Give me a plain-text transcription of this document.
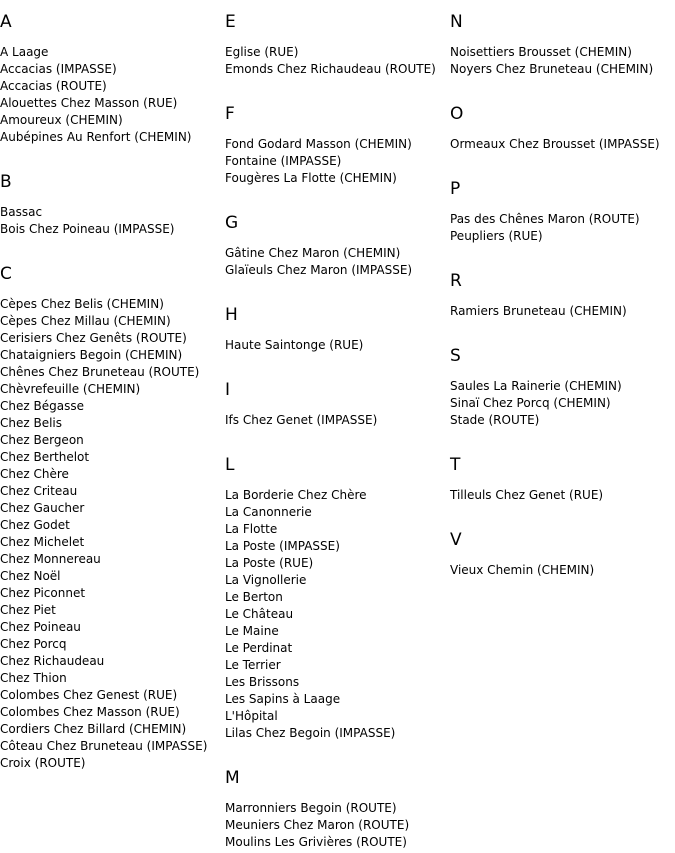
A
A Laage
Accacias (IMPASSE)
Accacias (ROUTE)
Alouettes Chez Masson (RUE)
Amoureux (CHEMIN)
Aubépines Au Renfort (CHEMIN)
B
Bassac
Bois Chez Poineau (IMPASSE)
C
Cèpes Chez Belis (CHEMIN)
Cèpes Chez Millau (CHEMIN)
Cerisiers Chez Genêts (ROUTE)
Chataigniers Begoin (CHEMIN)
Chênes Chez Bruneteau (ROUTE)
Chèvrefeuille (CHEMIN)
Chez Bégasse
Chez Belis
Chez Bergeon
Chez Berthelot
Chez Chère
Chez Criteau
Chez Gaucher
Chez Godet
Chez Michelet
Chez Monnereau
Chez Noël
Chez Piconnet
Chez Piet
Chez Poineau
Chez Porcq
Chez Richaudeau
Chez Thion
Colombes Chez Genest (RUE)
Colombes Chez Masson (RUE)
Cordiers Chez Billard (CHEMIN)
Côteau Chez Bruneteau (IMPASSE)
Croix (ROUTE)
E
Eglise (RUE)
Emonds Chez Richaudeau (ROUTE)
F
Fond Godard Masson (CHEMIN)
Fontaine (IMPASSE)
Fougères La Flotte (CHEMIN)
G
Gâtine Chez Maron (CHEMIN)
Glaïeuls Chez Maron (IMPASSE)
H
Haute Saintonge (RUE)
I
Ifs Chez Genet (IMPASSE)
L
La Borderie Chez Chère
La Canonnerie
La Flotte
La Poste (IMPASSE)
La Poste (RUE)
La Vignollerie
Le Berton
Le Château
Le Maine
Le Perdinat
Le Terrier
Les Brissons
Les Sapins à Laage
L'Hôpital
Lilas Chez Begoin (IMPASSE)
M
Marronniers Begoin (ROUTE)
Meuniers Chez Maron (ROUTE)
Moulins Les Grivières (ROUTE)
N
Noisettiers Brousset (CHEMIN)
Noyers Chez Bruneteau (CHEMIN)
O
Ormeaux Chez Brousset (IMPASSE)
P
Pas des Chênes Maron (ROUTE)
Peupliers (RUE)
R
Ramiers Bruneteau (CHEMIN)
S
Saules La Rainerie (CHEMIN)
Sinaï Chez Porcq (CHEMIN)
Stade (ROUTE)
T
Tilleuls Chez Genet (RUE)
V
Vieux Chemin (CHEMIN)
